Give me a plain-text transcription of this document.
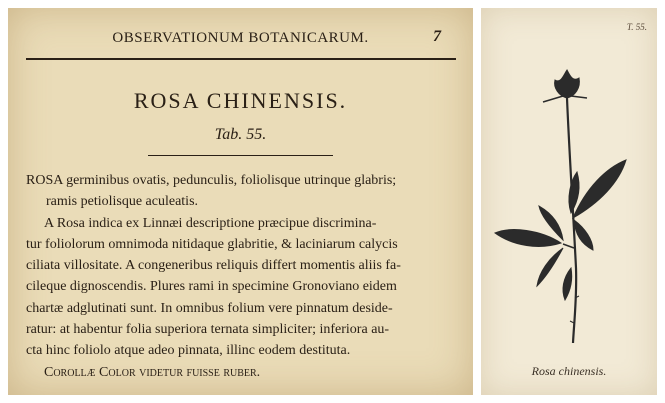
OBSERVATIONUM BOTANICARUM.	7
ROSA CHINENSIS.
Tab. 55.
ROSA germinibus ovatis, pedunculis, foliolisque utrinque glabris;
ramis petiolisque aculeatis.
A Rosa indica ex Linnæi descriptione præcipue discrimina-
tur foliolorum omnimoda nitidaque glabritie, & laciniarum calycis
ciliata villositate. A congeneribus reliquis differt momentis aliis fa-
cileque dignoscendis. Plures rami in specimine Gronoviano eidem
chartæ adglutinati sunt. In omnibus folium vere pinnatum deside-
ratur: at habentur folia superiora ternata simpliciter; inferiora au-
cta hinc foliolo atque adeo pinnata, illinc eodem destituta.
Corollæ Color videtur fuisse ruber.
T. 55.
Rosa chinensis.
